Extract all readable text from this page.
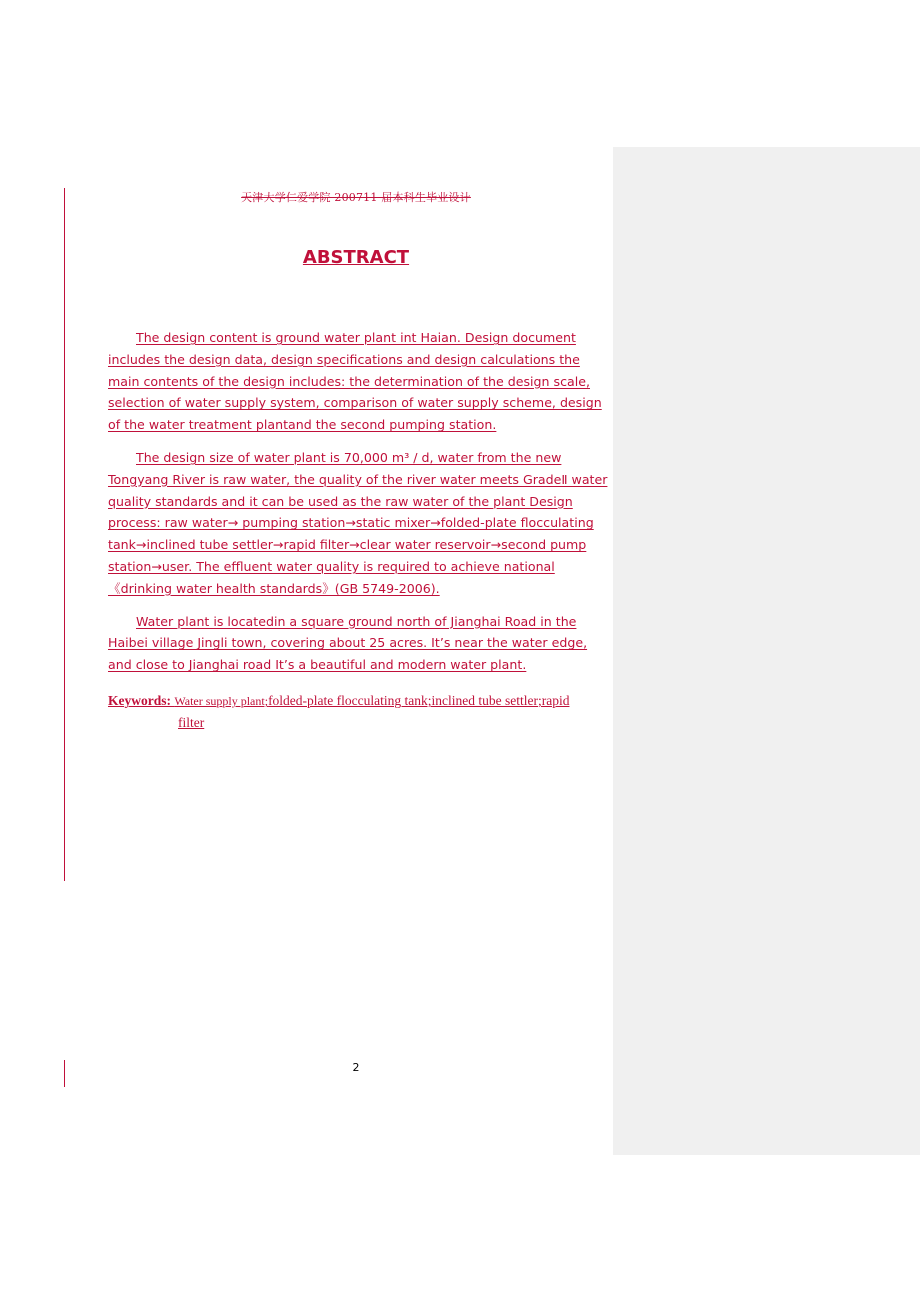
天津大学仁爱学院 200711 届本科生毕业设计
ABSTRACT

The design content is ground water plant int Haian. Design document includes the design data, design specifications and design calculations the main contents of the design includes: the determination of the design scale, selection of water supply system, comparison of water supply scheme, design of the water treatment plantand the second pumping station.

The design size of water plant is 70,000 m³ / d, water from the new Tongyang River is raw water, the quality of the river water meets GradeⅡ water quality standards and it can be used as the raw water of the plant Design process: raw water→ pumping station→static mixer→folded-plate flocculating tank→inclined tube settler→rapid filter→clear water reservoir→second pump station→user. The effluent water quality is required to achieve national《drinking water health standards》(GB 5749-2006).

Water plant is locatedin a square ground north of Jianghai Road in the Haibei village Jingli town, covering about 25 acres. It’s near the water edge, and close to Jianghai road It’s a beautiful and modern water plant.

Keywords: Water supply plant;folded-plate flocculating tank;inclined tube settler;rapid
filter
2
